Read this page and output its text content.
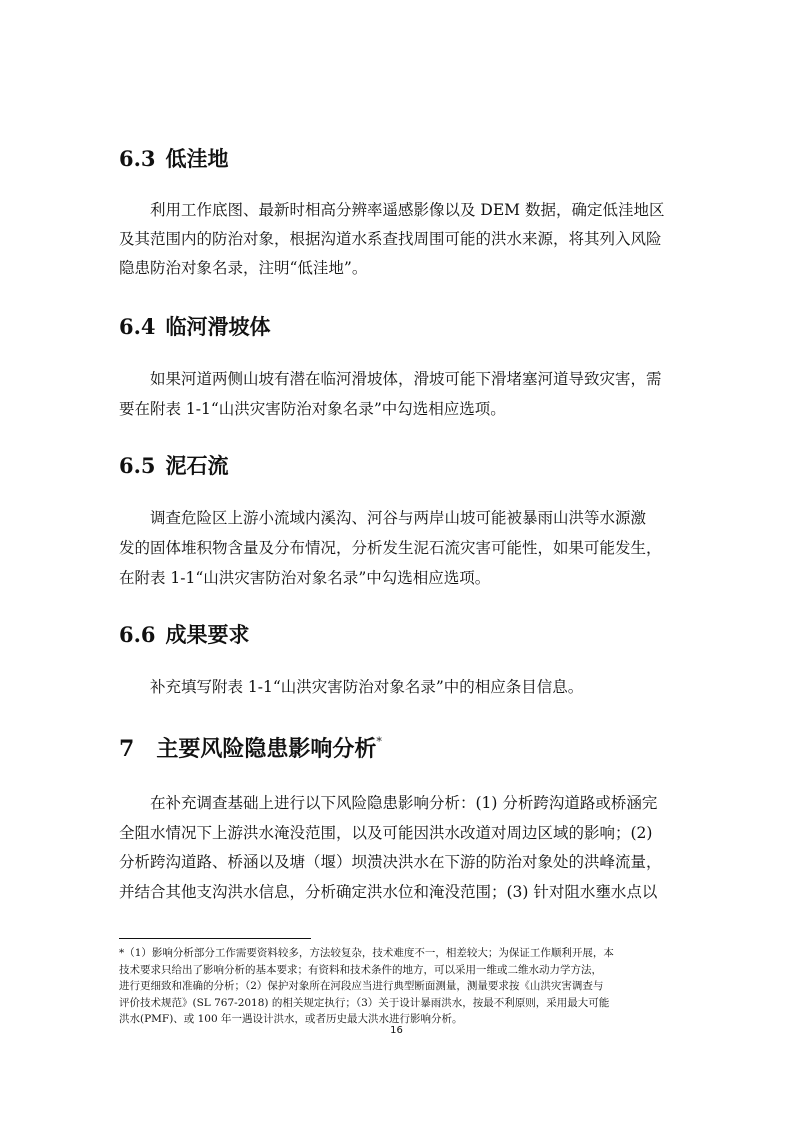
6.3 低洼地
利用工作底图、最新时相高分辨率遥感影像以及 DEM 数据，确定低洼地区
及其范围内的防治对象，根据沟道水系查找周围可能的洪水来源，将其列入风险
隐患防治对象名录，注明“低洼地”。
6.4 临河滑坡体
如果河道两侧山坡有潜在临河滑坡体，滑坡可能下滑堵塞河道导致灾害，需
要在附表 1-1“山洪灾害防治对象名录”中勾选相应选项。
6.5 泥石流
调查危险区上游小流域内溪沟、河谷与两岸山坡可能被暴雨山洪等水源激
发的固体堆积物含量及分布情况，分析发生泥石流灾害可能性，如果可能发生，
在附表 1-1“山洪灾害防治对象名录”中勾选相应选项。
6.6 成果要求
补充填写附表 1-1“山洪灾害防治对象名录”中的相应条目信息。
7 主要风险隐患影响分析*
在补充调查基础上进行以下风险隐患影响分析：(1) 分析跨沟道路或桥涵完
全阻水情况下上游洪水淹没范围，以及可能因洪水改道对周边区域的影响；(2)
分析跨沟道路、桥涵以及塘（堰）坝溃决洪水在下游的防治对象处的洪峰流量，
并结合其他支沟洪水信息，分析确定洪水位和淹没范围；(3) 针对阻水壅水点以
*（1）影响分析部分工作需要资料较多，方法较复杂，技术难度不一，相差较大；为保证工作顺利开展，本
技术要求只给出了影响分析的基本要求；有资料和技术条件的地方，可以采用一维或二维水动力学方法，
进行更细致和准确的分析；（2）保护对象所在河段应当进行典型断面测量，测量要求按《山洪灾害调查与
评价技术规范》(SL 767-2018) 的相关规定执行；（3）关于设计暴雨洪水，按最不利原则，采用最大可能
洪水(PMF)、或 100 年一遇设计洪水，或者历史最大洪水进行影响分析。
16
